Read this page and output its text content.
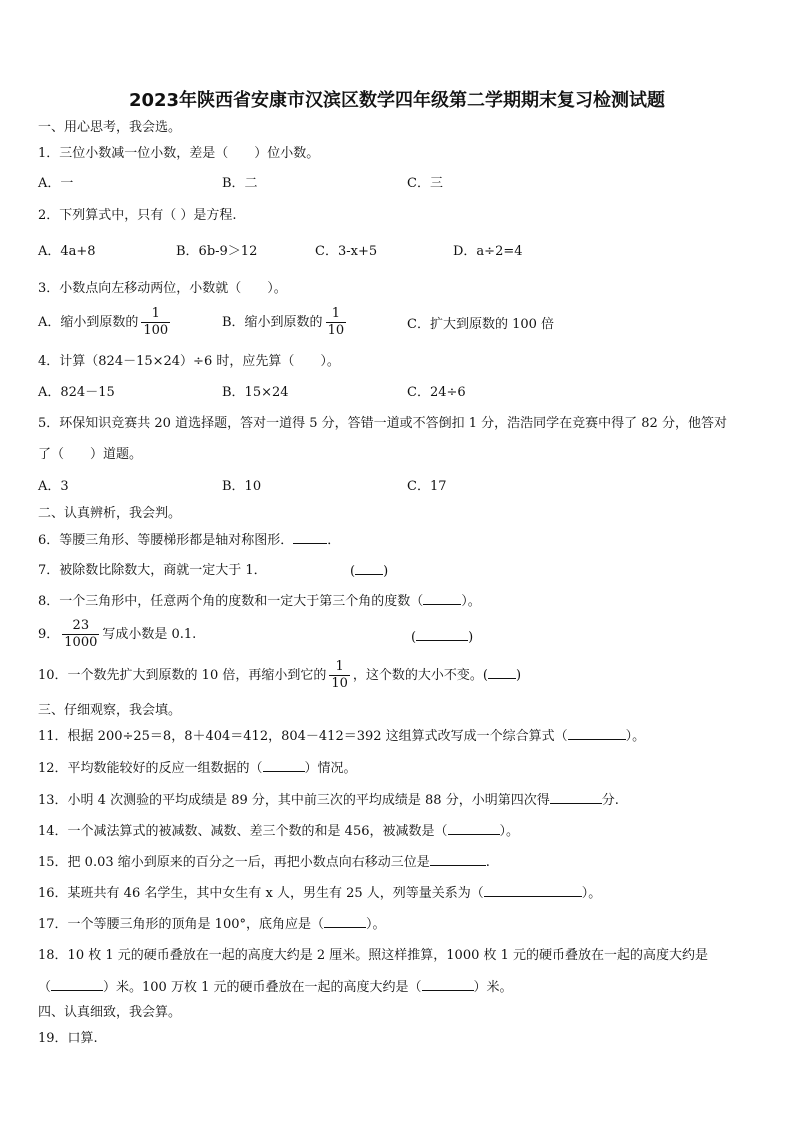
2023年陕西省安康市汉滨区数学四年级第二学期期末复习检测试题
一、用心思考，我会选。
1．三位小数减一位小数，差是（　　）位小数。
A．一	B．二	C．三
2．下列算式中，只有（ ）是方程.
A．4a+8	B．6b-9＞12	C．3-x+5	D．a÷2=4
3．小数点向左移动两位，小数就（　　）。
A．缩小到原数的 $\frac{1}{100}$	B．缩小到原数的 $\frac{1}{10}$	C．扩大到原数的 100 倍
4．计算（824－15×24）÷6 时，应先算（　　）。
A．824－15	B．15×24	C．24÷6
5．环保知识竞赛共 20 道选择题，答对一道得 5 分，答错一道或不答倒扣 1 分，浩浩同学在竞赛中得了 82 分，他答对
了（　　）道题。
A．3	B．10	C．17
二、认真辨析，我会判。
6．等腰三角形、等腰梯形都是轴对称图形．	．
7．被除数比除数大，商就一定大于 1．	( )
8．一个三角形中，任意两个角的度数和一定大于第三个角的度数（	）。
9． $\frac{23}{1000}$ 写成小数是 0.1.	(	)
10．一个数先扩大到原数的 10 倍，再缩小到它的 $\frac{1}{10}$ ，这个数的大小不变。( )
三、仔细观察，我会填。
11．根据 200÷25＝8，8＋404＝412，804－412＝392 这组算式改写成一个综合算式（	）。
12．平均数能较好的反应一组数据的（	）情况。
13．小明 4 次测验的平均成绩是 89 分，其中前三次的平均成绩是 88 分，小明第四次得	分.
14．一个减法算式的被减数、减数、差三个数的和是 456，被减数是（	）。
15．把 0.03 缩小到原来的百分之一后，再把小数点向右移动三位是	.
16．某班共有 46 名学生，其中女生有 x 人，男生有 25 人，列等量关系为（	）。
17．一个等腰三角形的顶角是 100°，底角应是（	）。
18．10 枚 1 元的硬币叠放在一起的高度大约是 2 厘米。照这样推算，1000 枚 1 元的硬币叠放在一起的高度大约是
（	）米。100 万枚 1 元的硬币叠放在一起的高度大约是（	）米。
四、认真细致，我会算。
19．口算.
